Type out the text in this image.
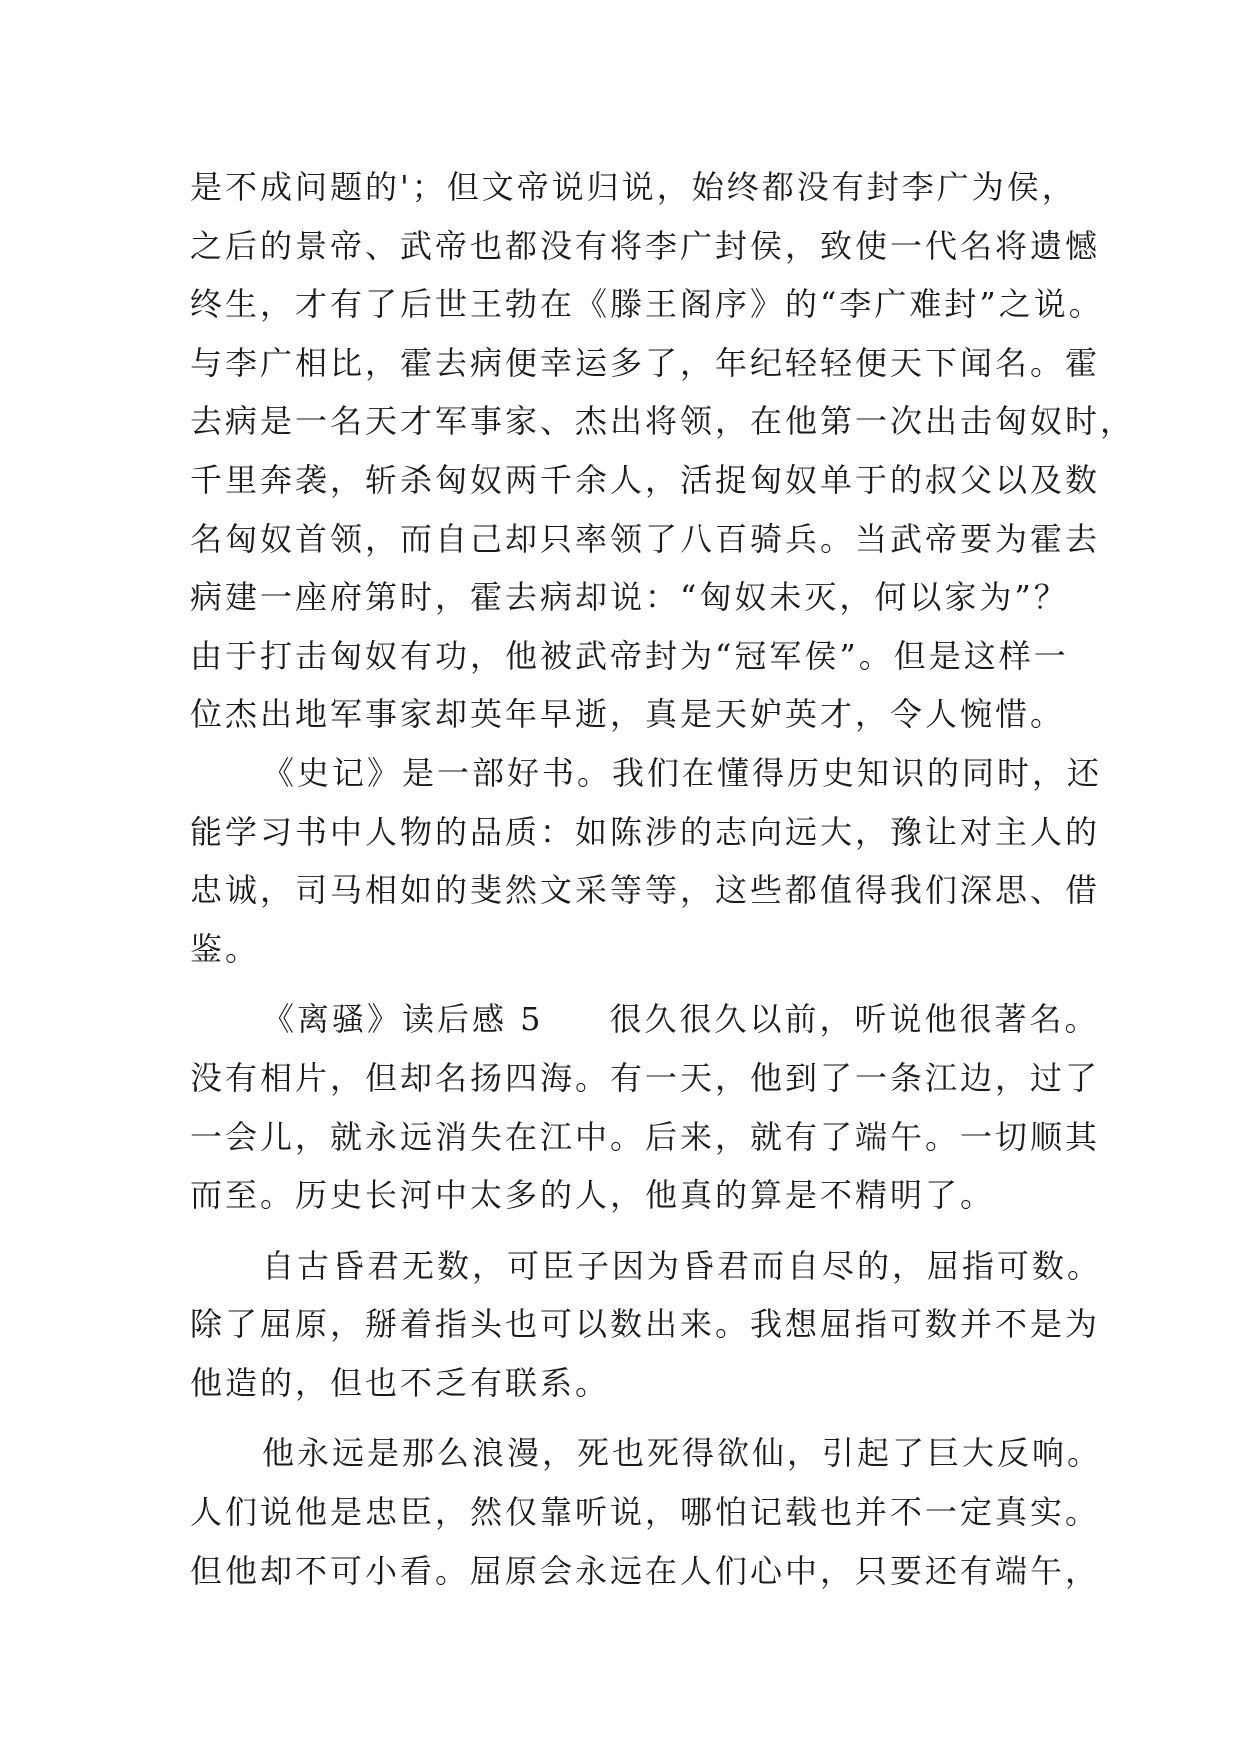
是不成问题的'；但文帝说归说，始终都没有封李广为侯，
之后的景帝、武帝也都没有将李广封侯，致使一代名将遗憾
终生，才有了后世王勃在《滕王阁序》的“李广难封”之说。
与李广相比，霍去病便幸运多了，年纪轻轻便天下闻名。霍
去病是一名天才军事家、杰出将领，在他第一次出击匈奴时，
千里奔袭，斩杀匈奴两千余人，活捉匈奴单于的叔父以及数
名匈奴首领，而自己却只率领了八百骑兵。当武帝要为霍去
病建一座府第时，霍去病却说：“匈奴未灭，何以家为”？
由于打击匈奴有功，他被武帝封为“冠军侯”。但是这样一
位杰出地军事家却英年早逝，真是天妒英才，令人惋惜。
《史记》是一部好书。我们在懂得历史知识的同时，还
能学习书中人物的品质：如陈涉的志向远大，豫让对主人的
忠诚，司马相如的斐然文采等等，这些都值得我们深思、借
鉴。
《离骚》读后感 5 很久很久以前，听说他很著名。
没有相片，但却名扬四海。有一天，他到了一条江边，过了
一会儿，就永远消失在江中。后来，就有了端午。一切顺其
而至。历史长河中太多的人，他真的算是不精明了。
自古昏君无数，可臣子因为昏君而自尽的，屈指可数。
除了屈原，掰着指头也可以数出来。我想屈指可数并不是为
他造的，但也不乏有联系。
他永远是那么浪漫，死也死得欲仙，引起了巨大反响。
人们说他是忠臣，然仅靠听说，哪怕记载也并不一定真实。
但他却不可小看。屈原会永远在人们心中，只要还有端午，
